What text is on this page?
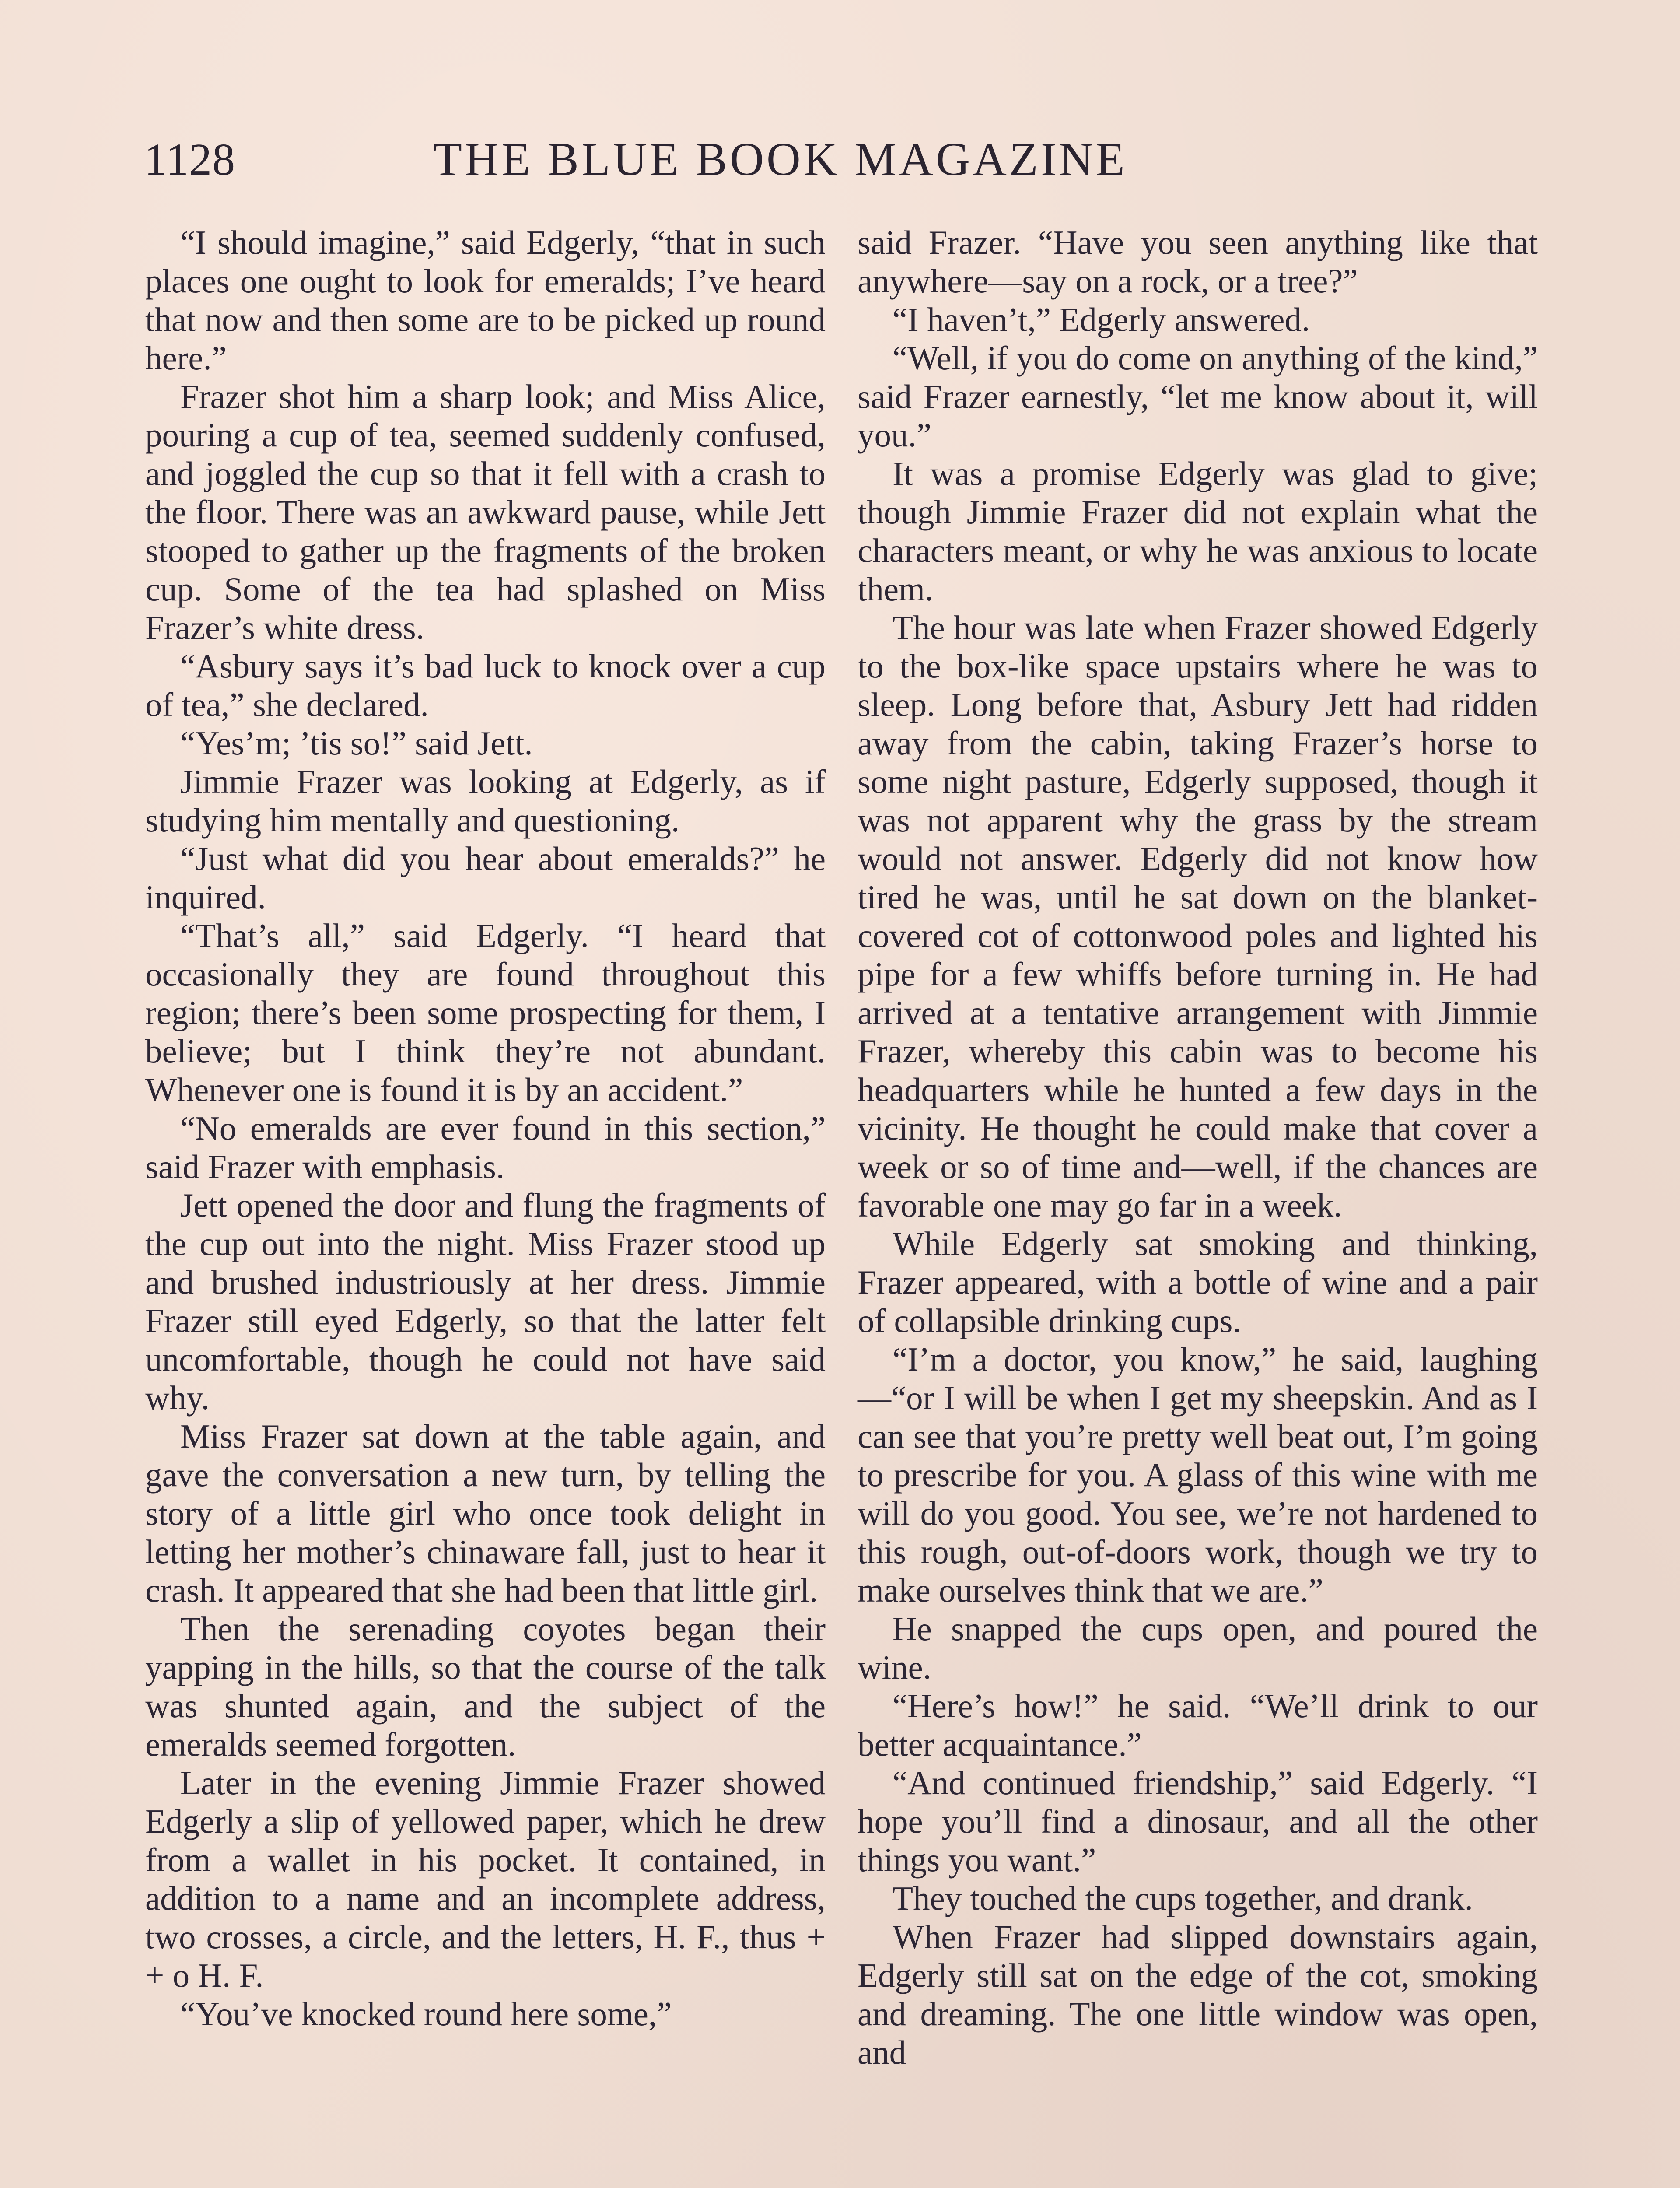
1128	THE BLUE BOOK MAGAZINE

“I should imagine,” said Edgerly, “that in such places one ought to look for emeralds; I’ve heard that now and then some are to be picked up round here.”

Frazer shot him a sharp look; and Miss Alice, pouring a cup of tea, seemed suddenly confused, and joggled the cup so that it fell with a crash to the floor. There was an awkward pause, while Jett stooped to gather up the fragments of the broken cup. Some of the tea had splashed on Miss Frazer’s white dress.

“Asbury says it’s bad luck to knock over a cup of tea,” she declared.

“Yes’m; ’tis so!” said Jett.

Jimmie Frazer was looking at Edgerly, as if studying him mentally and questioning.

“Just what did you hear about emeralds?” he inquired.

“That’s all,” said Edgerly. “I heard that occasionally they are found throughout this region; there’s been some prospecting for them, I believe; but I think they’re not abundant. Whenever one is found it is by an accident.”

“No emeralds are ever found in this section,” said Frazer with emphasis.

Jett opened the door and flung the fragments of the cup out into the night. Miss Frazer stood up and brushed industriously at her dress. Jimmie Frazer still eyed Edgerly, so that the latter felt uncomfortable, though he could not have said why.

Miss Frazer sat down at the table again, and gave the conversation a new turn, by telling the story of a little girl who once took delight in letting her mother’s chinaware fall, just to hear it crash. It appeared that she had been that little girl.

Then the serenading coyotes began their yapping in the hills, so that the course of the talk was shunted again, and the subject of the emeralds seemed forgotten.

Later in the evening Jimmie Frazer showed Edgerly a slip of yellowed paper, which he drew from a wallet in his pocket. It contained, in addition to a name and an incomplete address, two crosses, a circle, and the letters, H. F., thus + + o H. F.

“You’ve knocked round here some,”

said Frazer. “Have you seen anything like that anywhere—say on a rock, or a tree?”

“I haven’t,” Edgerly answered.

“Well, if you do come on anything of the kind,” said Frazer earnestly, “let me know about it, will you.”

It was a promise Edgerly was glad to give; though Jimmie Frazer did not explain what the characters meant, or why he was anxious to locate them.

The hour was late when Frazer showed Edgerly to the box-like space upstairs where he was to sleep. Long before that, Asbury Jett had ridden away from the cabin, taking Frazer’s horse to some night pasture, Edgerly supposed, though it was not apparent why the grass by the stream would not answer. Edgerly did not know how tired he was, until he sat down on the blanket-covered cot of cottonwood poles and lighted his pipe for a few whiffs before turning in. He had arrived at a tentative arrangement with Jimmie Frazer, whereby this cabin was to become his headquarters while he hunted a few days in the vicinity. He thought he could make that cover a week or so of time and—well, if the chances are favorable one may go far in a week.

While Edgerly sat smoking and thinking, Frazer appeared, with a bottle of wine and a pair of collapsible drinking cups.

“I’m a doctor, you know,” he said, laughing—“or I will be when I get my sheepskin. And as I can see that you’re pretty well beat out, I’m going to prescribe for you. A glass of this wine with me will do you good. You see, we’re not hardened to this rough, out-of-doors work, though we try to make ourselves think that we are.”

He snapped the cups open, and poured the wine.

“Here’s how!” he said. “We’ll drink to our better acquaintance.”

“And continued friendship,” said Edgerly. “I hope you’ll find a dinosaur, and all the other things you want.”

They touched the cups together, and drank.

When Frazer had slipped downstairs again, Edgerly still sat on the edge of the cot, smoking and dreaming. The one little window was open, and
